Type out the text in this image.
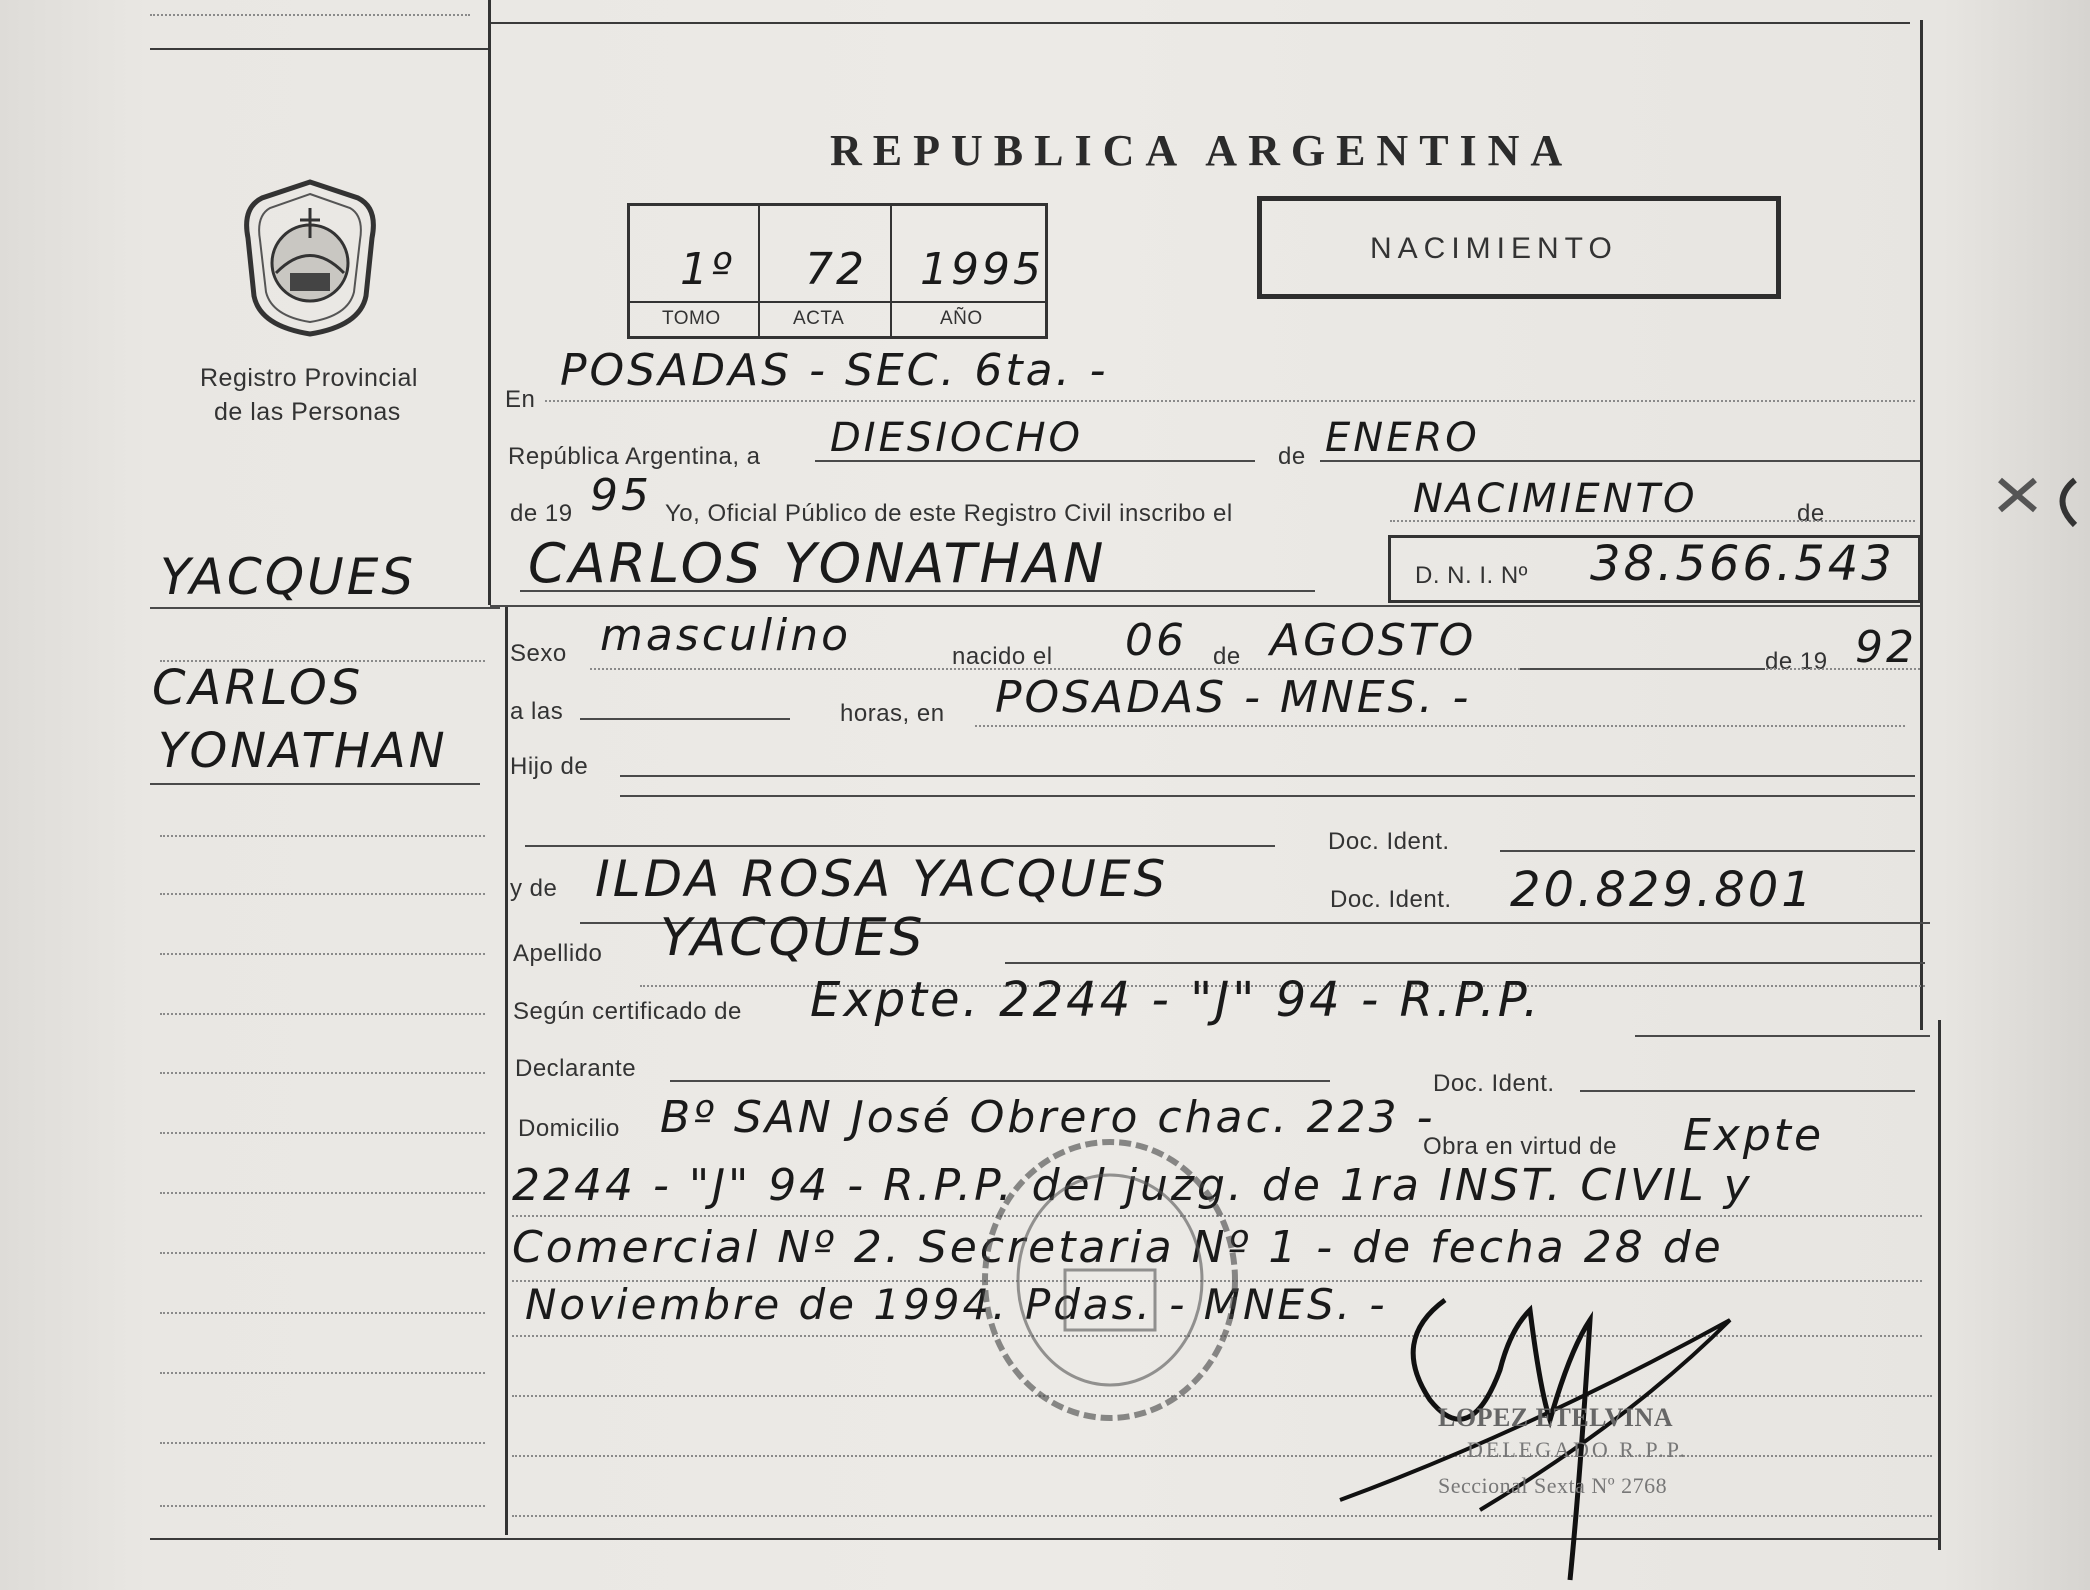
REPUBLICA ARGENTINA
Registro Provincial
de las Personas
1º 72 1995
TOMO	ACTA	AÑO
NACIMIENTO
YACQUES
CARLOS
YONATHAN
En
POSADAS - SEC. 6ta. -
República Argentina, a DIESIOCHO	de ENERO
de 19 95 Yo, Oficial Público de este Registro Civil inscribo el	NACIMIENTO	de
CARLOS YONATHAN	D. N. I. Nº 38.566.543
Sexo masculino	nacido el 06 de AGOSTO	de 19 92
a las	horas, en POSADAS - MNES. -
Hijo de
Doc. Ident.
y de ILDA ROSA YACQUES	Doc. Ident. 20.829.801
Apellido YACQUES
Según certificado de Expte. 2244 - "J" 94 - R.P.P.
Declarante
Doc. Ident.
Domicilio Bº SAN José Obrero chac. 223 -
Obra en virtud de Expte
2244 - "J" 94 - R.P.P. del juzg. de 1ra INST. CIVIL y
Comercial Nº 2. Secretaria Nº 1 - de fecha 28 de
Noviembre de 1994. Pdas. - MNES. -
LOPEZ ETELVINA
DELEGADO R.P.P.
Seccional Sexta Nº 2768
